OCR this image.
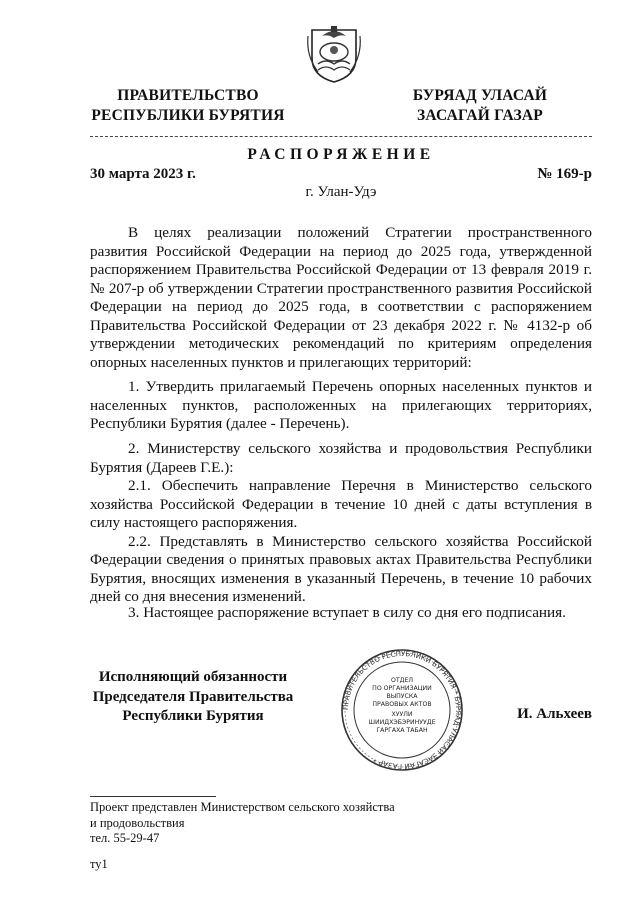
ПРАВИТЕЛЬСТВО
РЕСПУБЛИКИ БУРЯТИЯ
БУРЯАД УЛАСАЙ
ЗАСАГАЙ ГАЗАР
РАСПОРЯЖЕНИЕ
30 марта 2023 г.	№ 169-р
г. Улан-Удэ

В целях реализации положений Стратегии пространственного развития Российской Федерации на период до 2025 года, утвержденной распоряжением Правительства Российской Федерации от 13 февраля 2019 г. № 207-р об утверждении Стратегии пространственного развития Российской Федерации на период до 2025 года, в соответствии с распоряжением Правительства Российской Федерации от 23 декабря 2022 г. № 4132-р об утверждении методических рекомендаций по критериям определения опорных населенных пунктов и прилегающих территорий:

1. Утвердить прилагаемый Перечень опорных населенных пунктов и населенных пунктов, расположенных на прилегающих территориях, Республики Бурятия (далее - Перечень).

2. Министерству сельского хозяйства и продовольствия Республики Бурятия (Дареев Г.Е.):

2.1. Обеспечить направление Перечня в Министерство сельского хозяйства Российской Федерации в течение 10 дней с даты вступления в силу настоящего распоряжения.

2.2. Представлять в Министерство сельского хозяйства Российской Федерации сведения о принятых правовых актах Правительства Республики Бурятия, вносящих изменения в указанный Перечень, в течение 10 рабочих дней со дня внесения изменений.

3. Настоящее распоряжение вступает в силу со дня его подписания.

ПРАВИТЕЛЬСТВО РЕСПУБЛИКИ БУРЯТИЯ * БУРЯАД УЛАСАЙ ЗАСАГАЙ ГАЗАР *
ОТДЕЛ
ПО ОРГАНИЗАЦИИ
ВЫПУСКА
ПРАВОВЫХ АКТОВ
ХУУЛИ
ШИИДХЭБЭРИНУУДЕ
ГАРГАХА ТАБАН
Исполняющий обязанности
Председателя Правительства
Республики Бурятия	И. Альхеев
Проект представлен Министерством сельского хозяйства
и продовольствия
тел. 55-29-47
ту1
